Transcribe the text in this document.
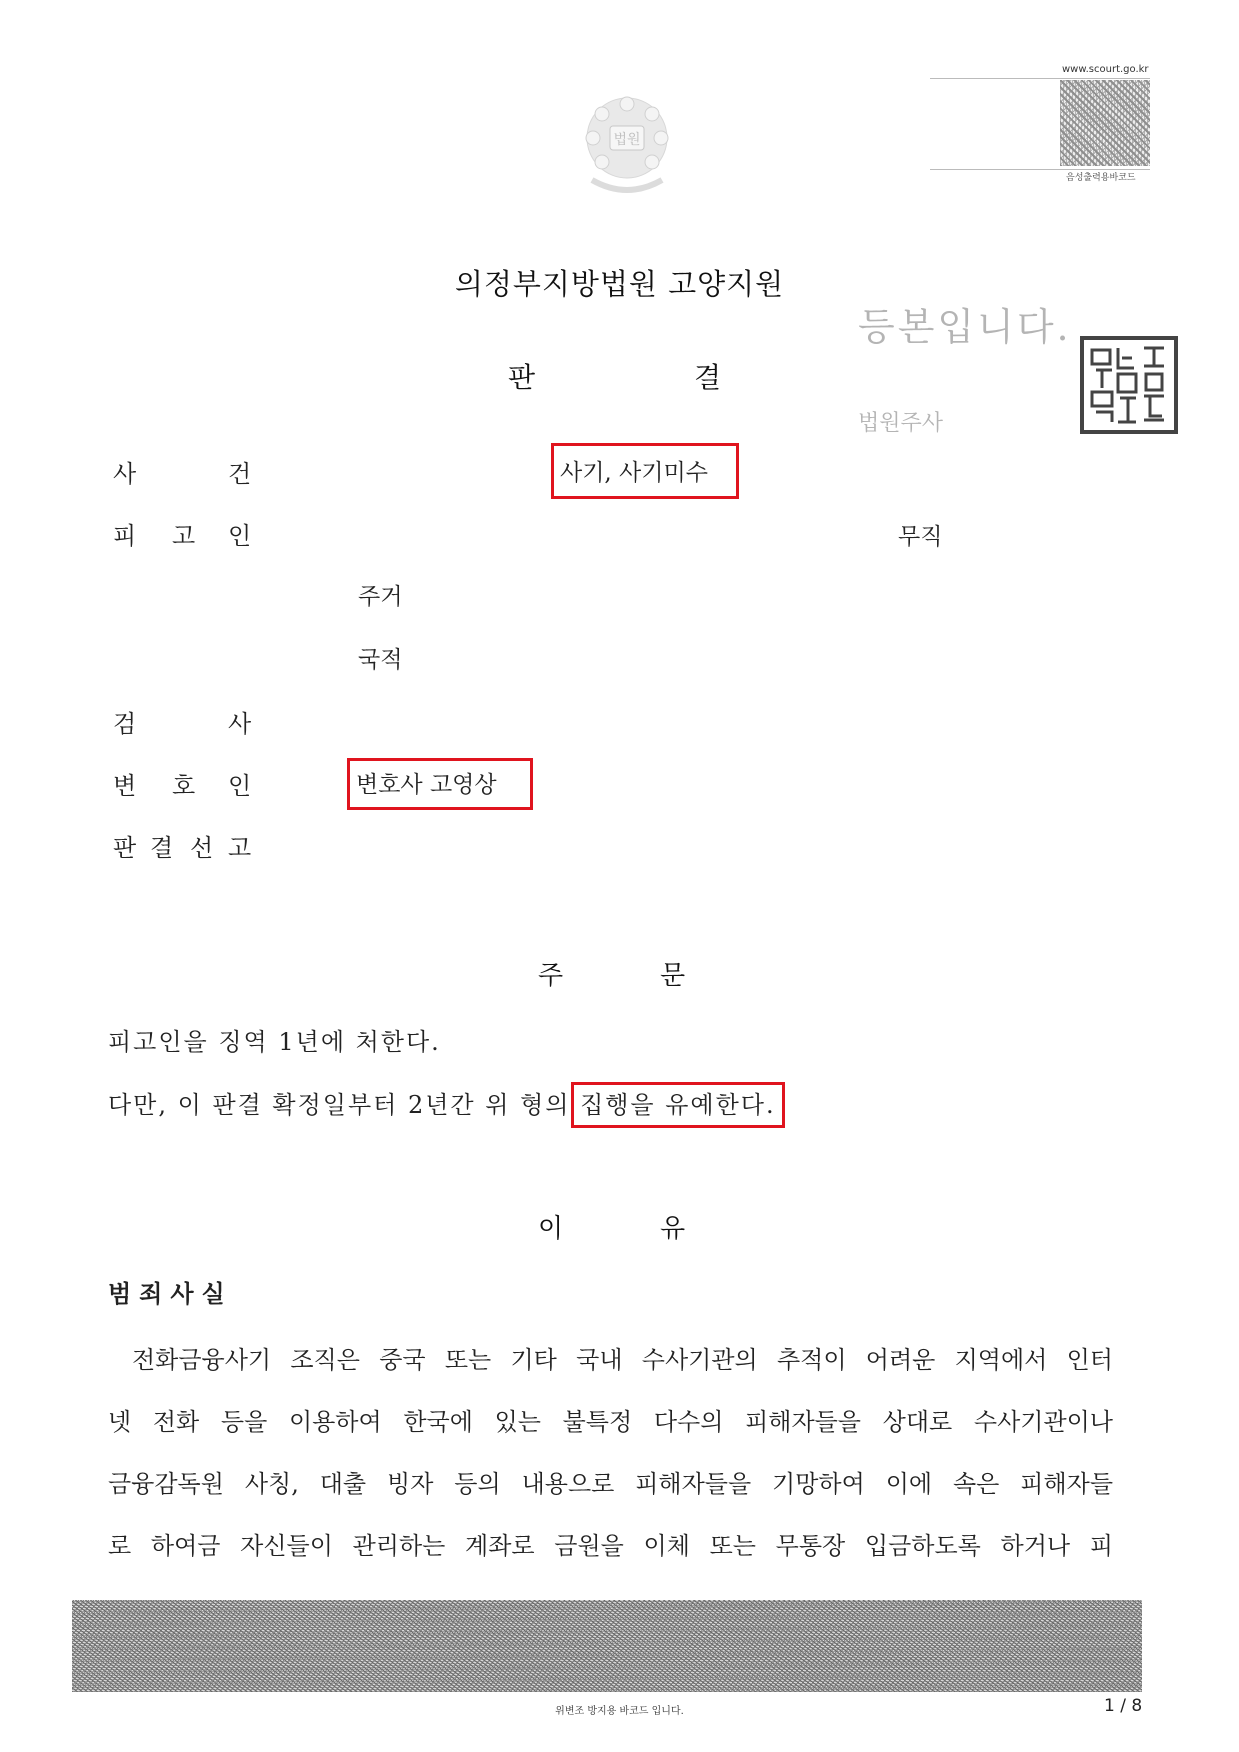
www.scourt.go.kr
음성출력용바코드
법원
의정부지방법원 고양지원
판	결
등본입니다.
법원주사
사	건	사기, 사기미수
피 고 인	무직
주거
국적
검	사
변 호 인	변호사 고영상
판 결 선 고
주	문
피고인을 징역 1년에 처한다.
다만, 이 판결 확정일부터 2년간 위 형의 집행을 유예한다.
이	유
범죄사실
전화금융사기 조직은 중국 또는 기타 국내 수사기관의 추적이 어려운 지역에서 인터
넷 전화 등을 이용하여 한국에 있는 불특정 다수의 피해자들을 상대로 수사기관이나
금융감독원 사칭, 대출 빙자 등의 내용으로 피해자들을 기망하여 이에 속은 피해자들
로 하여금 자신들이 관리하는 계좌로 금원을 이체 또는 무통장 입금하도록 하거나 피
위변조 방지용 바코드 입니다.	1 / 8
